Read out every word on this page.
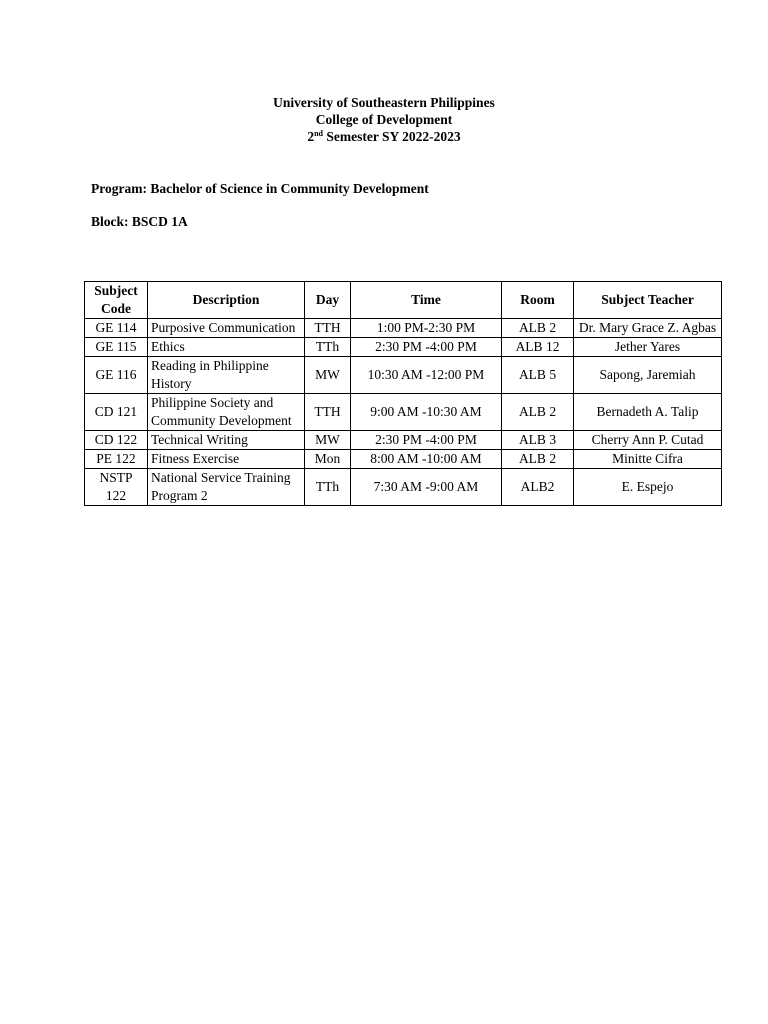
University of Southeastern Philippines
College of Development
2nd Semester SY 2022-2023
Program: Bachelor of Science in Community Development
Block: BSCD 1A
Subject Code	Description	Day	Time	Room	Subject Teacher
GE 114	Purposive Communication	TTH	1:00 PM-2:30 PM	ALB 2	Dr. Mary Grace Z. Agbas
GE 115	Ethics	TTh	2:30 PM -4:00 PM	ALB 12	Jether Yares
GE 116	Reading in Philippine History	MW	10:30 AM -12:00 PM	ALB 5	Sapong, Jaremiah
CD 121	Philippine Society and Community Development	TTH	9:00 AM -10:30 AM	ALB 2	Bernadeth A. Talip
CD 122	Technical Writing	MW	2:30 PM -4:00 PM	ALB 3	Cherry Ann P. Cutad
PE 122	Fitness Exercise	Mon	8:00 AM -10:00 AM	ALB 2	Minitte Cifra
NSTP 122	National Service Training Program 2	TTh	7:30 AM -9:00 AM	ALB2	E. Espejo
